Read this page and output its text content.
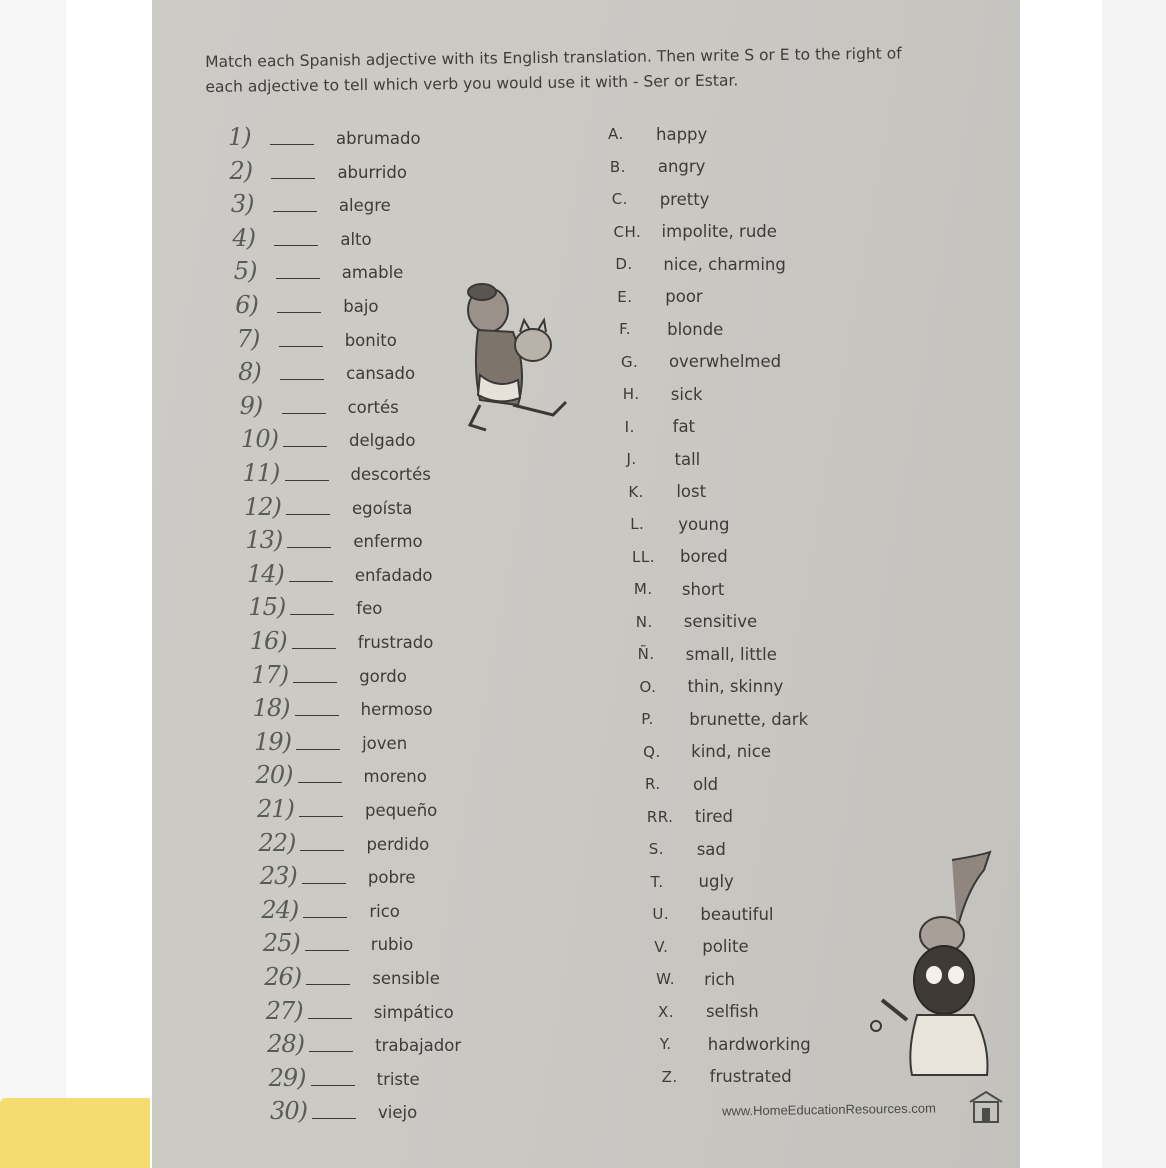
Match each Spanish adjective with its English translation. Then write S or E to the right of each adjective to tell which verb you would use it with - Ser or Estar.
1)	abrumado
2)	aburrido
3)	alegre
4)	alto
5)	amable
6)	bajo
7)	bonito
8)	cansado
9)	cortés
10)	delgado
11)	descortés
12)	egoísta
13)	enfermo
14)	enfadado
15)	feo
16)	frustrado
17)	gordo
18)	hermoso
19)	joven
20)	moreno
21)	pequeño
22)	perdido
23)	pobre
24)	rico
25)	rubio
26)	sensible
27)	simpático
28)	trabajador
29)	triste
30)	viejo
A.	happy
B.	angry
C.	pretty
CH.	impolite, rude
D.	nice, charming
E.	poor
F.	blonde
G.	overwhelmed
H.	sick
I.	fat
J.	tall
K.	lost
L.	young
LL.	bored
M.	short
N.	sensitive
Ñ.	small, little
O.	thin, skinny
P.	brunette, dark
Q.	kind, nice
R.	old
RR.	tired
S.	sad
T.	ugly
U.	beautiful
V.	polite
W.	rich
X.	selfish
Y.	hardworking
Z.	frustrated
www.HomeEducationResources.com
